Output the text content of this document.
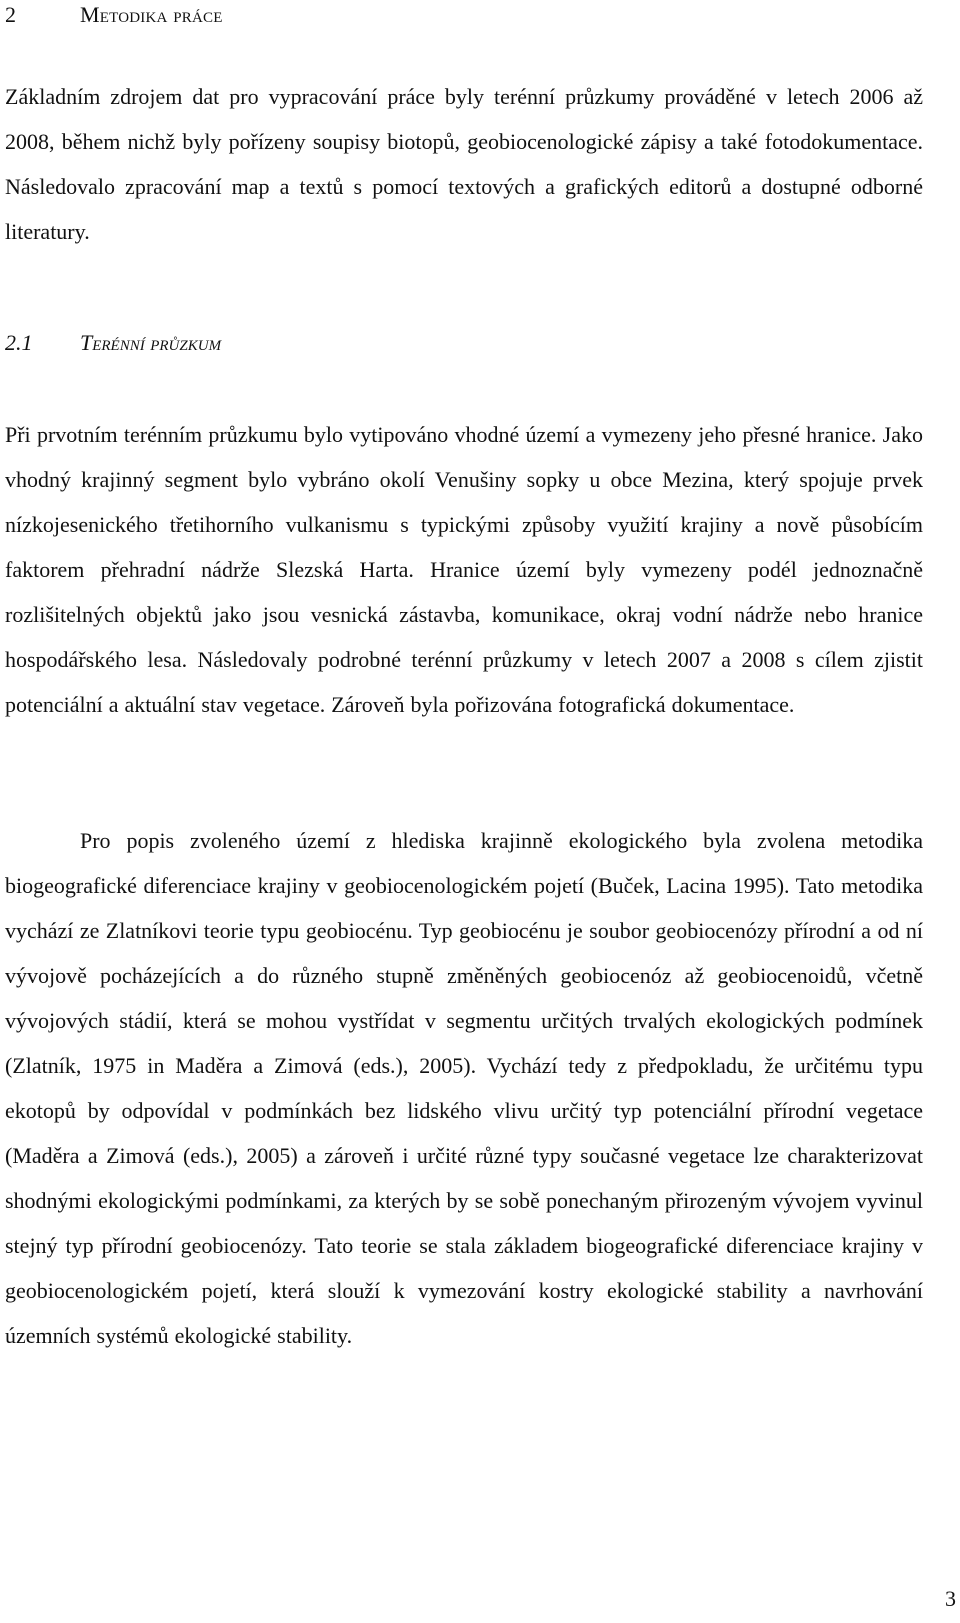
2	Metodika práce

Základním zdrojem dat pro vypracování práce byly terénní průzkumy prováděné v letech 2006 až 2008, během nichž byly pořízeny soupisy biotopů, geobiocenologické zápisy a také fotodokumentace. Následovalo zpracování map a textů s pomocí textových a grafických editorů a dostupné odborné literatury.

2.1 Terénní průzkum

Při prvotním terénním průzkumu bylo vytipováno vhodné území a vymezeny jeho přesné hranice. Jako vhodný krajinný segment bylo vybráno okolí Venušiny sopky u obce Mezina, který spojuje prvek nízkojesenického třetihorního vulkanismu s typickými způsoby využití krajiny a nově působícím faktorem přehradní nádrže Slezská Harta. Hranice území byly vymezeny podél jednoznačně rozlišitelných objektů jako jsou vesnická zástavba, komunikace, okraj vodní nádrže nebo hranice hospodářského lesa. Následovaly podrobné terénní průzkumy v letech 2007 a 2008 s cílem zjistit potenciální a aktuální stav vegetace. Zároveň byla pořizována fotografická dokumentace.

Pro popis zvoleného území z hlediska krajinně ekologického byla zvolena metodika biogeografické diferenciace krajiny v geobiocenologickém pojetí (Buček, Lacina 1995). Tato metodika vychází ze Zlatníkovi teorie typu geobiocénu. Typ geobiocénu je soubor geobiocenózy přírodní a od ní vývojově pocházejících a do různého stupně změněných geobiocenóz až geobiocenoidů, včetně vývojových stádií, která se mohou vystřídat v segmentu určitých trvalých ekologických podmínek (Zlatník, 1975 in Maděra a Zimová (eds.), 2005). Vychází tedy z předpokladu, že určitému typu ekotopů by odpovídal v podmínkách bez lidského vlivu určitý typ potenciální přírodní vegetace (Maděra a Zimová (eds.), 2005) a zároveň i určité různé typy současné vegetace lze charakterizovat shodnými ekologickými podmínkami, za kterých by se sobě ponechaným přirozeným vývojem vyvinul stejný typ přírodní geobiocenózy. Tato teorie se stala základem biogeografické diferenciace krajiny v geobiocenologickém pojetí, která slouží k vymezování kostry ekologické stability a navrhování územních systémů ekologické stability.

3
